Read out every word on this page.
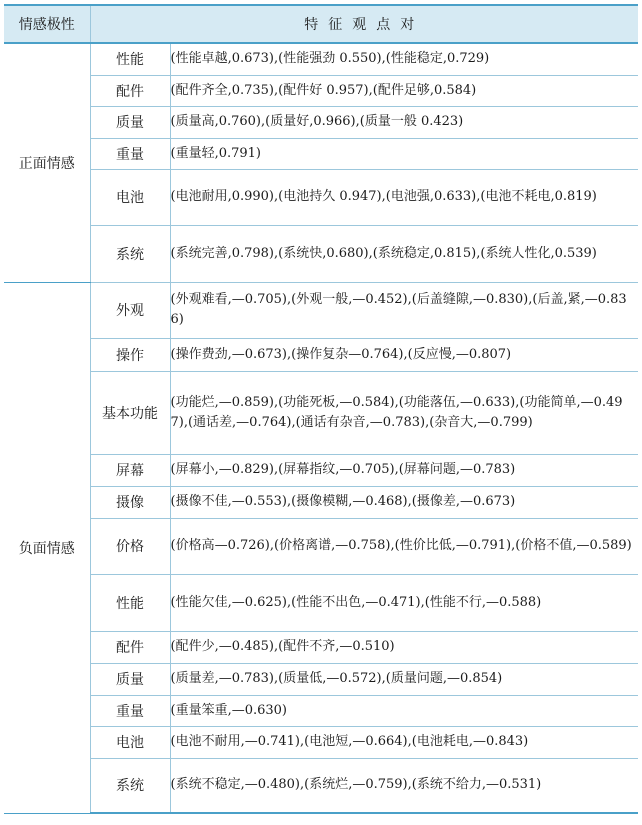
情感极性	特征观点对	
正面情感	性能	(性能卓越,0.673),(性能强劲 0.550),(性能稳定,0.729)
	配件	(配件齐全,0.735),(配件好 0.957),(配件足够,0.584)
	质量	(质量高,0.760),(质量好,0.966),(质量一般 0.423)
	重量	(重量轻,0.791)
	电池	(电池耐用,0.990),(电池持久 0.947),(电池强,0.633),(电池不耗电,0.819)
	系统	(系统完善,0.798),(系统快,0.680),(系统稳定,0.815),(系统人性化,0.539)
负面情感	外观	(外观难看,—0.705),(外观一般,—0.452),(后盖缝隙,—0.830),(后盖,紧,—0.836)
	操作	(操作费劲,—0.673),(操作复杂—0.764),(反应慢,—0.807)
	基本功能	(功能烂,—0.859),(功能死板,—0.584),(功能落伍,—0.633),(功能简单,—0.497),(通话差,—0.764),(通话有杂音,—0.783),(杂音大,—0.799)
	屏幕	(屏幕小,—0.829),(屏幕指纹,—0.705),(屏幕问题,—0.783)
	摄像	(摄像不佳,—0.553),(摄像模糊,—0.468),(摄像差,—0.673)
	价格	(价格高—0.726),(价格离谱,—0.758),(性价比低,—0.791),(价格不值,—0.589)
	性能	(性能欠佳,—0.625),(性能不出色,—0.471),(性能不行,—0.588)
	配件	(配件少,—0.485),(配件不齐,—0.510)
	质量	(质量差,—0.783),(质量低,—0.572),(质量问题,—0.854)
	重量	(重量笨重,—0.630)
	电池	(电池不耐用,—0.741),(电池短,—0.664),(电池耗电,—0.843)
	系统	(系统不稳定,—0.480),(系统烂,—0.759),(系统不给力,—0.531)
